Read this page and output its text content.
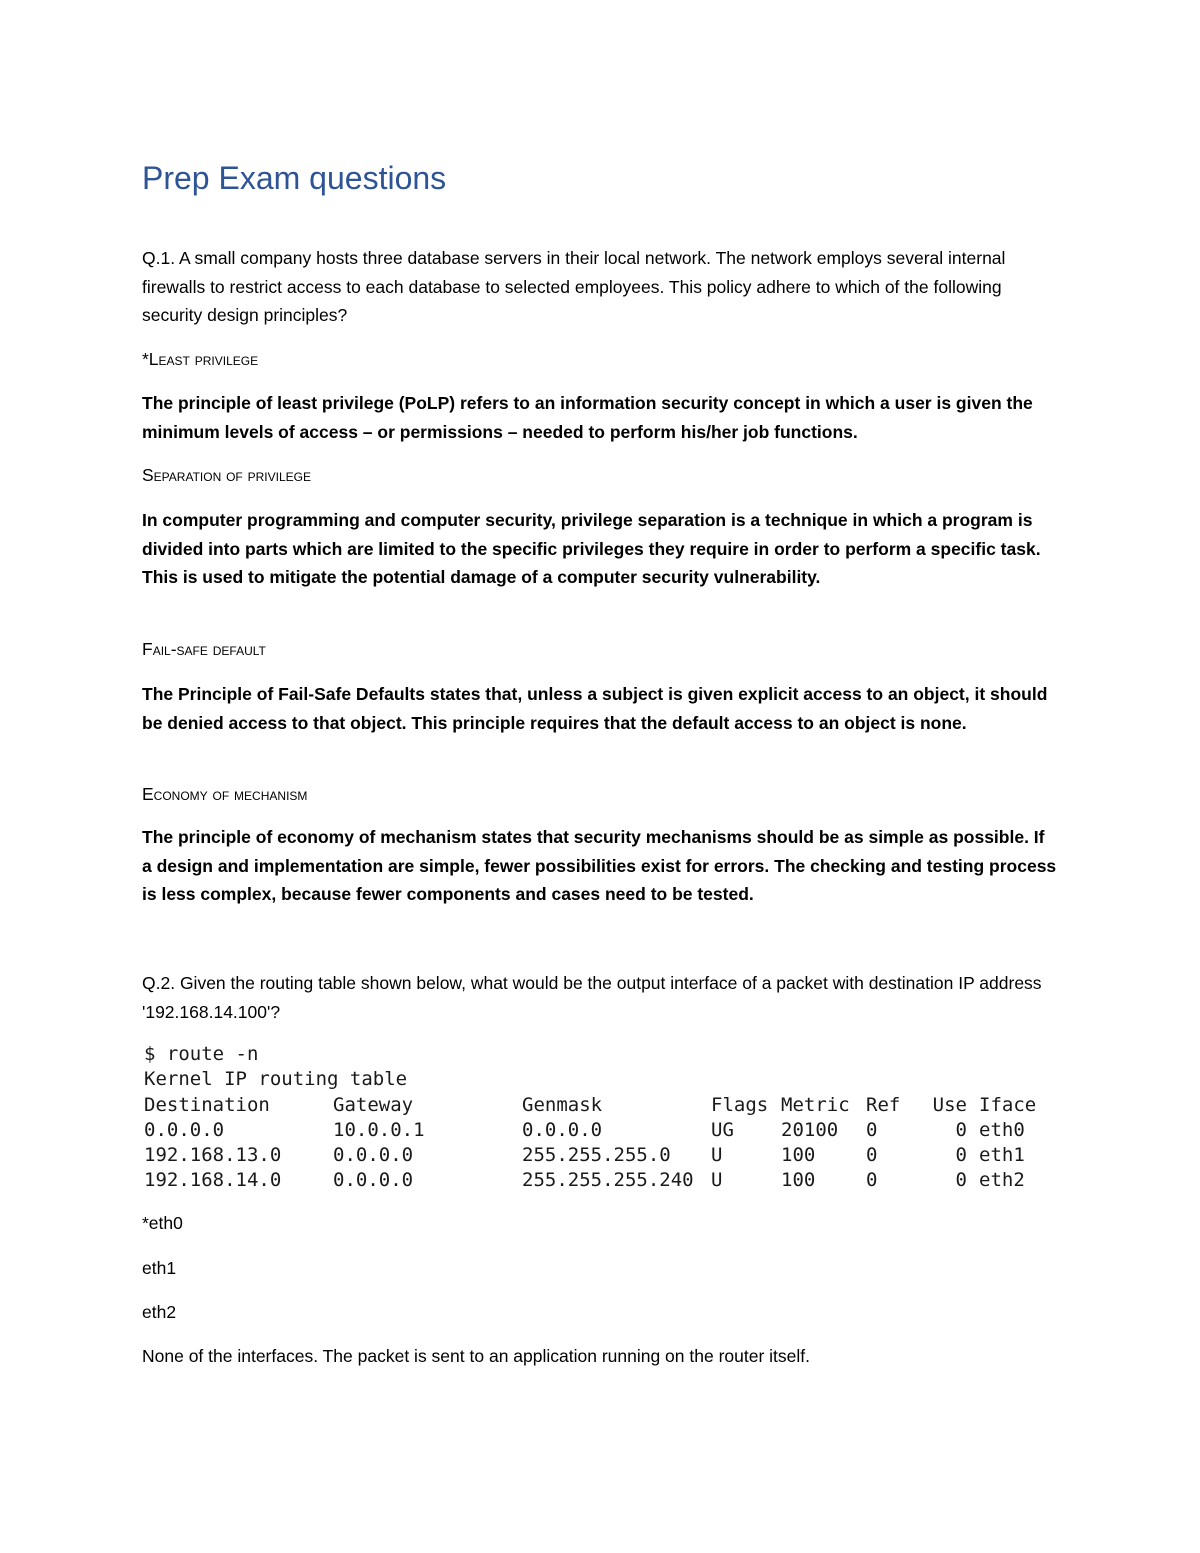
Prep Exam questions

Q.1. A small company hosts three database servers in their local network. The network employs several internal firewalls to restrict access to each database to selected employees. This policy adhere to which of the following security design principles?

*Least privilege

The principle of least privilege (PoLP) refers to an information security concept in which a user is given the minimum levels of access – or permissions – needed to perform his/her job functions.

Separation of privilege

In computer programming and computer security, privilege separation is a technique in which a program is divided into parts which are limited to the specific privileges they require in order to perform a specific task. This is used to mitigate the potential damage of a computer security vulnerability.

Fail-safe default

The Principle of Fail-Safe Defaults states that, unless a subject is given explicit access to an object, it should be denied access to that object. This principle requires that the default access to an object is none.

Economy of mechanism

The principle of economy of mechanism states that security mechanisms should be as simple as possible. If a design and implementation are simple, fewer possibilities exist for errors. The checking and testing process is less complex, because fewer components and cases need to be tested.

Q.2. Given the routing table shown below, what would be the output interface of a packet with destination IP address '192.168.14.100'?

$ route -n
Kernel IP routing table
Destination	Gateway	Genmask	Flags Metric Ref	Use Iface
0.0.0.0	10.0.0.1	0.0.0.0	UG	20100	0	0 eth0
192.168.13.0	0.0.0.0	255.255.255.0	U	100	0	0 eth1
192.168.14.0	0.0.0.0	255.255.255.240 U	100	0	0 eth2

*eth0

eth1

eth2

None of the interfaces. The packet is sent to an application running on the router itself.
